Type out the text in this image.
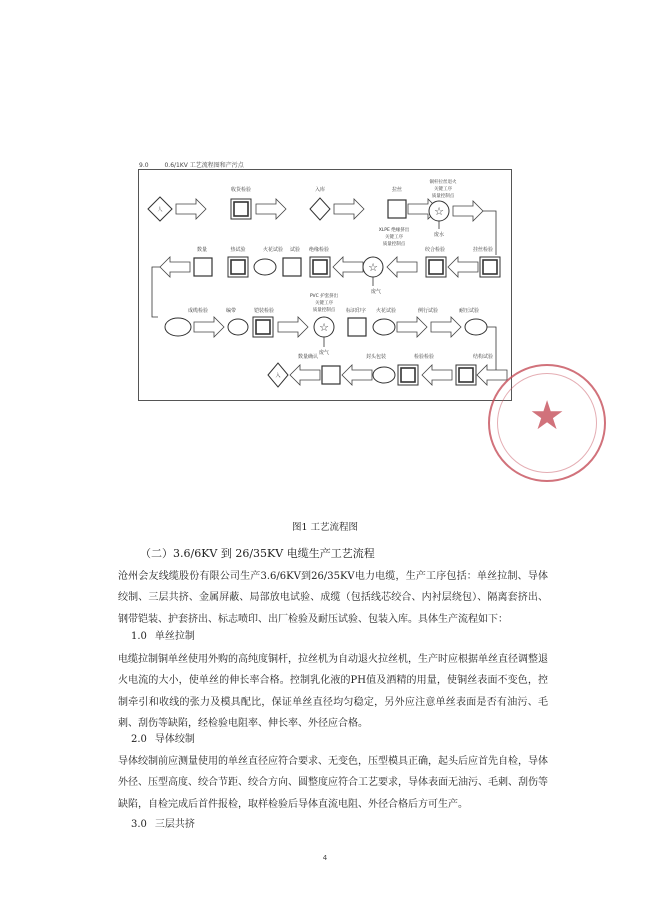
9.0	0.6/1KV 工艺流程图和产污点
人
收货检验	入库	拉丝
铜杆拉丝退火
关键工序
质量控制点
☆
废水
XLPE 绝缘挤出
关键工序
质量控制点
数量	热试验	火花试验 试验 绝缘检验	绞合检验	挂丝检验
☆
废气
成缆检验	编带	铠装检验
PVC 护套挤出
关键工序
质量控制点 标识印字 火花试验	例行试验	耐压试验
☆
废气
数量确认	封头包装	检验检验	结构试验
入
★
图1 工艺流程图
（二）3.6/6KV 到 26/35KV 电缆生产工艺流程
沧州会友线缆股份有限公司生产3.6/6KV到26/35KV电力电缆，生产工序包括：单丝拉制、导体绞制、三层共挤、金属屏蔽、局部放电试验、成缆（包括线芯绞合、内衬层绕包）、隔离套挤出、钢带铠装、护套挤出、标志喷印、出厂检验及耐压试验、包装入库。具体生产流程如下：
1.0 单丝拉制
电缆拉制铜单丝使用外购的高纯度铜杆，拉丝机为自动退火拉丝机，生产时应根据单丝直径调整退火电流的大小，使单丝的伸长率合格。控制乳化液的PH值及酒精的用量，使铜丝表面不变色，控制牵引和收线的张力及模具配比，保证单丝直径均匀稳定，另外应注意单丝表面是否有油污、毛刺、刮伤等缺陷，经检验电阻率、伸长率、外径应合格。
2.0 导体绞制
导体绞制前应测量使用的单丝直径应符合要求、无变色，压型模具正确，起头后应首先自检，导体外径、压型高度、绞合节距、绞合方向、圆整度应符合工艺要求，导体表面无油污、毛刺、刮伤等缺陷，自检完成后首件报检，取样检验后导体直流电阻、外径合格后方可生产。
3.0 三层共挤
4
